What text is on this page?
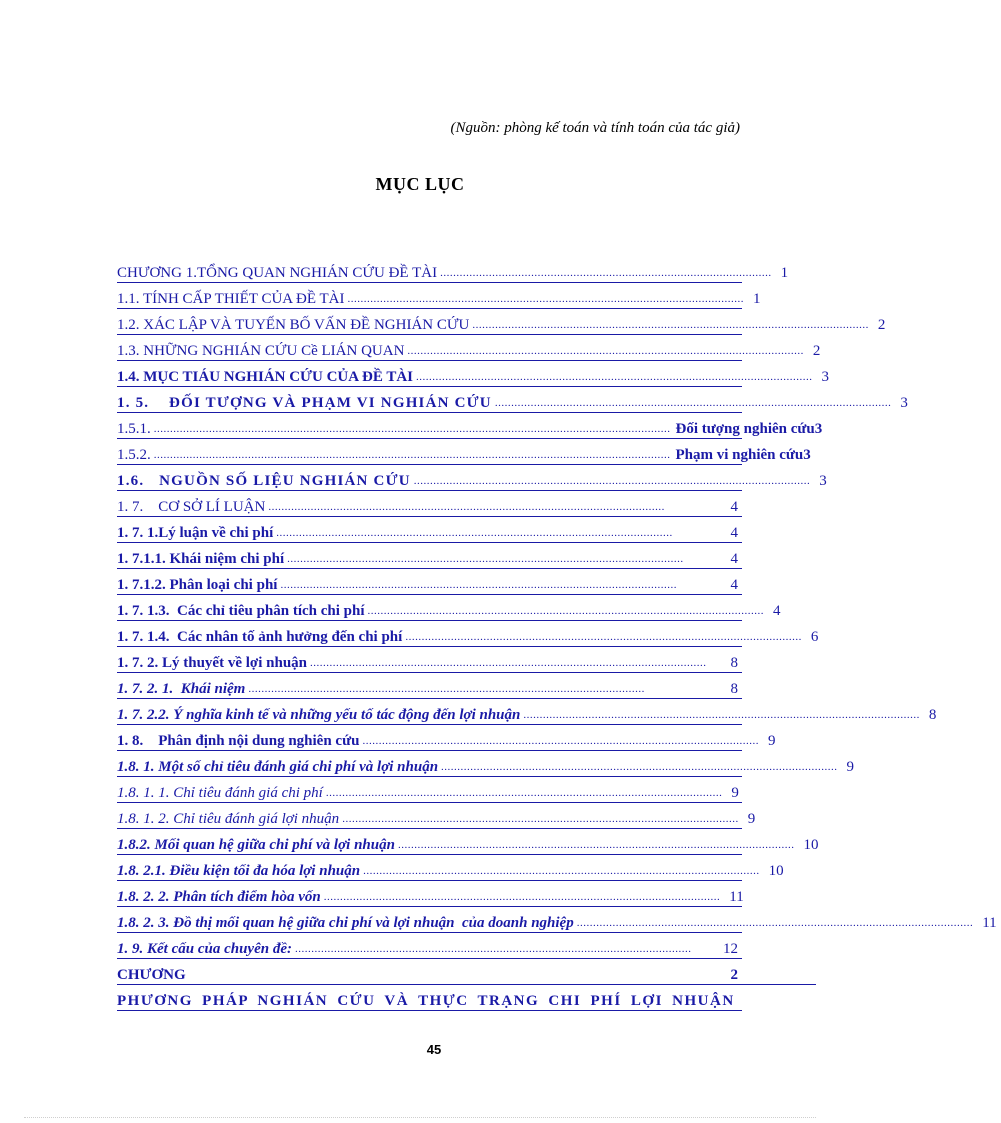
(Nguồn: phòng kế toán và tính toán của tác giả)
MỤC LỤC
CHƯƠNG 1.TỔNG QUAN NGHIÁN CỨU ĐỀ TÀI ...................................................................................................... 1
1.1. TÍNH CẤP THIẾT CỦA ĐỀ TÀI .......................................................................................................................... 1
1.2. XÁC LẬP VÀ TUYẾN BỐ VẤN ĐỀ NGHIÁN CỨU .......................................................................................................................... 2
1.3. NHỮNG NGHIÁN CỨU Cề LIÁN QUAN .......................................................................................................................... 2
1.4. MỤC TIÁU NGHIÁN CỨU CỦA ĐỀ TÀI .......................................................................................................................... 3
1. 5.    ĐỐI TƯỢNG VÀ PHẠM VI NGHIÁN CỨU .......................................................................................................................... 3
1.5.1. ............................................................................................................................................................... Đối tượng nghiên cứu3
1.5.2. ............................................................................................................................................................... Phạm vi nghiên cứu3
1.6.   NGUỒN SỐ LIỆU NGHIÁN CỨU .......................................................................................................................... 3
1. 7.    CƠ SỞ LÍ LUẬN ..........................................................................................................................	4
1. 7. 1.Lý luận về chi phí ..........................................................................................................................	4
1. 7.1.1. Khái niệm chi phí ..........................................................................................................................	4
1. 7.1.2. Phân loại chi phí ..........................................................................................................................	4
1. 7. 1.3.  Các chỉ tiêu phân tích chi phí .......................................................................................................................... 4
1. 7. 1.4.  Các nhân tố ảnh hưởng đến chi phí .......................................................................................................................... 6
1. 7. 2. Lý thuyết về lợi nhuận ..........................................................................................................................	8
1. 7. 2. 1.  Khái niệm ..........................................................................................................................	8
1. 7. 2.2. Ý nghĩa kinh tế và những yếu tố tác động đến lợi nhuận .......................................................................................................................... 8
1. 8.    Phân định nội dung nghiên cứu .......................................................................................................................... 9
1.8. 1. Một số chỉ tiêu đánh giá chi phí và lợi nhuận .......................................................................................................................... 9
1.8. 1. 1. Chỉ tiêu đánh giá chi phí .......................................................................................................................... 9
1.8. 1. 2. Chỉ tiêu đánh giá lợi nhuận .......................................................................................................................... 9
1.8.2. Mối quan hệ giữa chi phí và lợi nhuận .......................................................................................................................... 10
1.8. 2.1. Điều kiện tối đa hóa lợi nhuận .......................................................................................................................... 10
1.8. 2. 2. Phân tích điểm hòa vốn .......................................................................................................................... 11
1.8. 2. 3. Đồ thị mối quan hệ giữa chi phí và lợi nhuận  của doanh nghiệp .......................................................................................................................... 11
1. 9. Kết cấu của chuyên đề: ..........................................................................................................................	12
CHƯƠNG	2
PHƯƠNG PHÁP NGHIÁN CỨU VÀ THỰC TRẠNG CHI PHÍ LỢI NHUẬN
45
